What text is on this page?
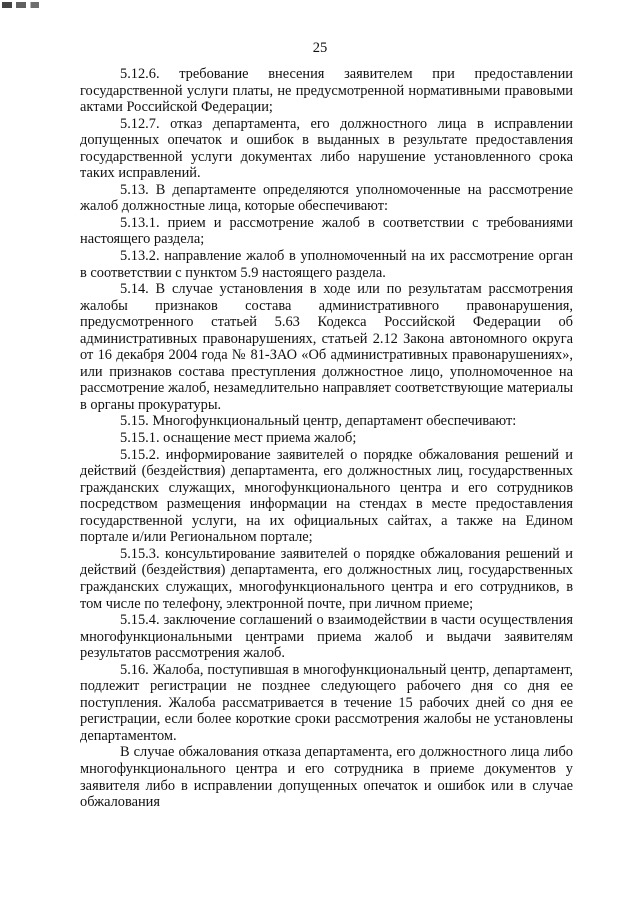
25

5.12.6. требование внесения заявителем при предоставлении государственной услуги платы, не предусмотренной нормативными правовыми актами Российской Федерации;

5.12.7. отказ департамента, его должностного лица в исправлении допущенных опечаток и ошибок в выданных в результате предоставления государственной услуги документах либо нарушение установленного срока таких исправлений.

5.13. В департаменте определяются уполномоченные на рассмотрение жалоб должностные лица, которые обеспечивают:

5.13.1. прием и рассмотрение жалоб в соответствии с требованиями настоящего раздела;

5.13.2. направление жалоб в уполномоченный на их рассмотрение орган в соответствии с пунктом 5.9 настоящего раздела.

5.14. В случае установления в ходе или по результатам рассмотрения жалобы признаков состава административного правонарушения, предусмотренного статьей 5.63 Кодекса Российской Федерации об административных правонарушениях, статьей 2.12 Закона автономного округа от 16 декабря 2004 года № 81-ЗАО «Об административных правонарушениях», или признаков состава преступления должностное лицо, уполномоченное на рассмотрение жалоб, незамедлительно направляет соответствующие материалы в органы прокуратуры.

5.15. Многофункциональный центр, департамент обеспечивают:

5.15.1. оснащение мест приема жалоб;

5.15.2. информирование заявителей о порядке обжалования решений и действий (бездействия) департамента, его должностных лиц, государственных гражданских служащих, многофункционального центра и его сотрудников посредством размещения информации на стендах в месте предоставления государственной услуги, на их официальных сайтах, а также на Едином портале и/или Региональном портале;

5.15.3. консультирование заявителей о порядке обжалования решений и действий (бездействия) департамента, его должностных лиц, государственных гражданских служащих, многофункционального центра и его сотрудников, в том числе по телефону, электронной почте, при личном приеме;

5.15.4. заключение соглашений о взаимодействии в части осуществления многофункциональными центрами приема жалоб и выдачи заявителям результатов рассмотрения жалоб.

5.16. Жалоба, поступившая в многофункциональный центр, департамент, подлежит регистрации не позднее следующего рабочего дня со дня ее поступления. Жалоба рассматривается в течение 15 рабочих дней со дня ее регистрации, если более короткие сроки рассмотрения жалобы не установлены департаментом.

В случае обжалования отказа департамента, его должностного лица либо многофункционального центра и его сотрудника в приеме документов у заявителя либо в исправлении допущенных опечаток и ошибок или в случае обжалования
